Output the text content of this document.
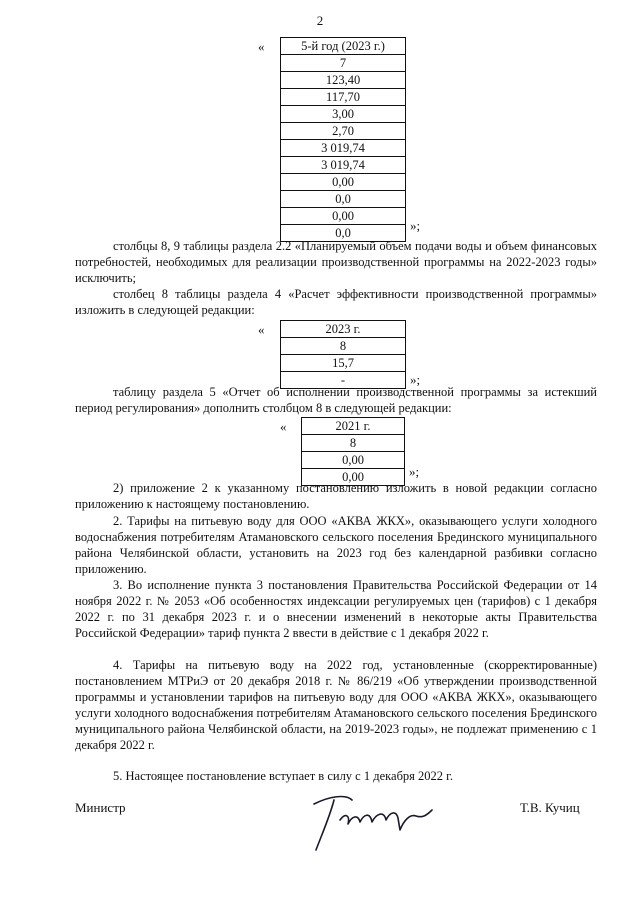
2
«	5-й год (2023 г.)
7
123,40
117,70
3,00
2,70
3 019,74
3 019,74
0,00
0,0
0,00
0,0	»;

столбцы 8, 9 таблицы раздела 2.2 «Планируемый объем подачи воды и объем финансовых потребностей, необходимых для реализации производственной программы на 2022-2023 годы» исключить;

столбец 8 таблицы раздела 4 «Расчет эффективности производственной программы» изложить в следующей редакции:

«	2023 г.
8
15,7
-	»;

таблицу раздела 5 «Отчет об исполнении производственной программы за истекший период регулирования» дополнить столбцом 8 в следующей редакции:

«	2021 г.
8
0,00
0,00	»;

2) приложение 2 к указанному постановлению изложить в новой редакции согласно приложению к настоящему постановлению.

2. Тарифы на питьевую воду для ООО «АКВА ЖКХ», оказывающего услуги холодного водоснабжения потребителям Атамановского сельского поселения Брединского муниципального района Челябинской области, установить на 2023 год без календарной разбивки согласно приложению.

3. Во исполнение пункта 3 постановления Правительства Российской Федерации от 14 ноября 2022 г. № 2053 «Об особенностях индексации регулируемых цен (тарифов) с 1 декабря 2022 г. по 31 декабря 2023 г. и о внесении изменений в некоторые акты Правительства Российской Федерации» тариф пункта 2 ввести в действие с 1 декабря 2022 г.

4. Тарифы на питьевую воду на 2022 год, установленные (скорректированные) постановлением МТРиЭ от 20 декабря 2018 г. № 86/219 «Об утверждении производственной программы и установлении тарифов на питьевую воду для ООО «АКВА ЖКХ», оказывающего услуги холодного водоснабжения потребителям Атамановского сельского поселения Брединского муниципального района Челябинской области, на 2019-2023 годы», не подлежат применению с 1 декабря 2022 г.

5. Настоящее постановление вступает в силу с 1 декабря 2022 г.

Министр	Т.В. Кучиц
